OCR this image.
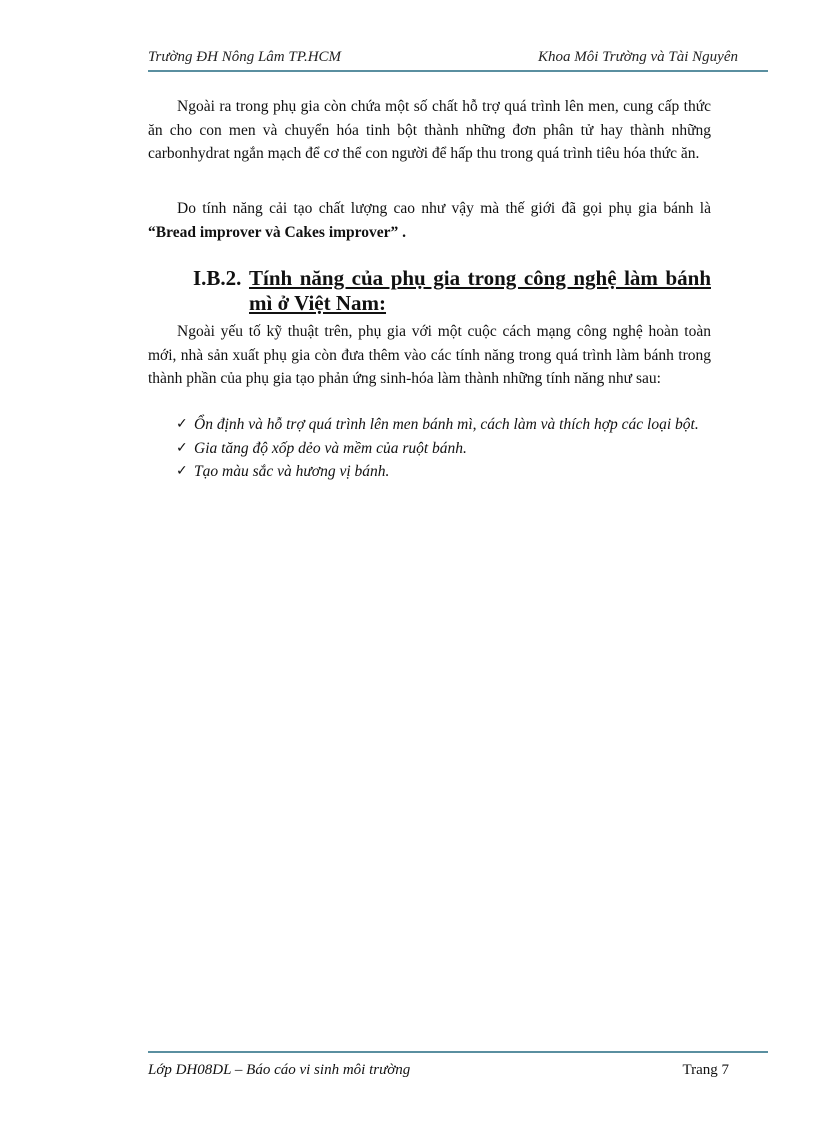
Trường ĐH Nông Lâm TP.HCM	Khoa Môi Trường và Tài Nguyên

Ngoài ra trong phụ gia còn chứa một số chất hỗ trợ quá trình lên men, cung cấp thức ăn cho con men và chuyển hóa tinh bột thành những đơn phân tử hay thành những carbonhydrat ngắn mạch để cơ thể con người để hấp thu trong quá trình tiêu hóa thức ăn.

Do tính năng cải tạo chất lượng cao như vậy mà thế giới đã gọi phụ gia bánh là “Bread improver và Cakes improver” .

I.B.2. Tính năng của phụ gia trong công nghệ làm bánh mì ở Việt Nam:

Ngoài yếu tố kỹ thuật trên, phụ gia với một cuộc cách mạng công nghệ hoàn toàn mới, nhà sản xuất phụ gia còn đưa thêm vào các tính năng trong quá trình làm bánh trong thành phần của phụ gia tạo phản ứng sinh-hóa làm thành những tính năng như sau:

✓ Ổn định và hỗ trợ quá trình lên men bánh mì, cách làm và thích hợp các loại bột.
✓ Gia tăng độ xốp dẻo và mềm của ruột bánh.
✓ Tạo màu sắc và hương vị bánh.
Lớp DH08DL – Báo cáo vi sinh môi trường	Trang 7
